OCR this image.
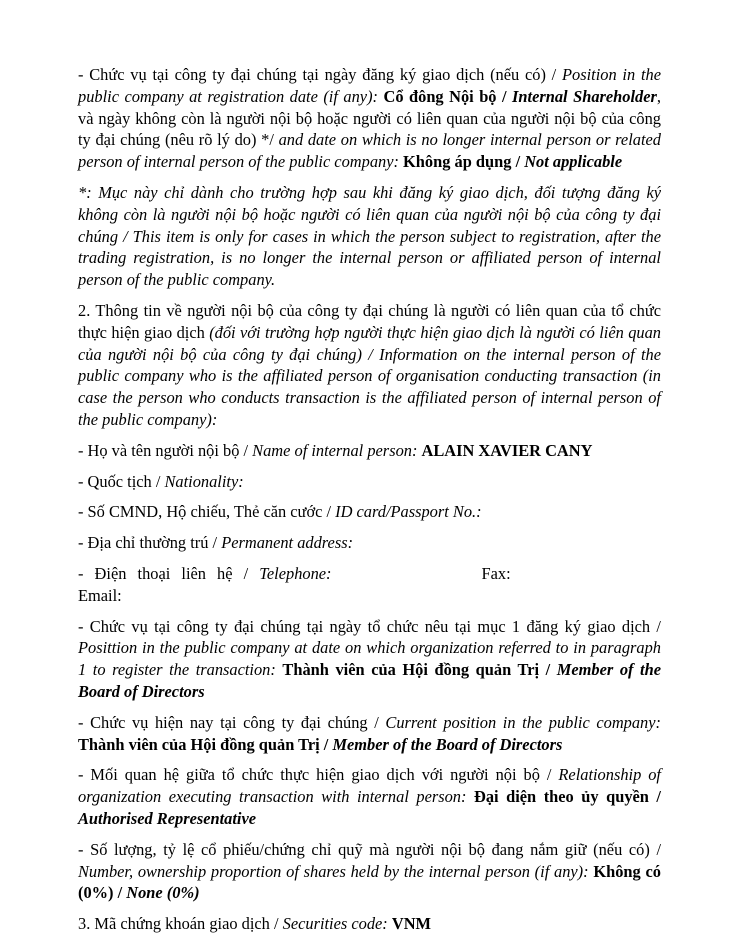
- Chức vụ tại công ty đại chúng tại ngày đăng ký giao dịch (nếu có) / Position in the public company at registration date (if any): Cổ đông Nội bộ / Internal Shareholder, và ngày không còn là người nội bộ hoặc người có liên quan của người nội bộ của công ty đại chúng (nêu rõ lý do) */ and date on which is no longer internal person or related person of internal person of the public company: Không áp dụng / Not applicable

*: Mục này chỉ dành cho trường hợp sau khi đăng ký giao dịch, đối tượng đăng ký không còn là người nội bộ hoặc người có liên quan của người nội bộ của công ty đại chúng / This item is only for cases in which the person subject to registration, after the trading registration, is no longer the internal person or affiliated person of internal person of the public company.

2. Thông tin về người nội bộ của công ty đại chúng là người có liên quan của tổ chức thực hiện giao dịch (đối với trường hợp người thực hiện giao dịch là người có liên quan của người nội bộ của công ty đại chúng) / Information on the internal person of the public company who is the affiliated person of organisation conducting transaction (in case the person who conducts transaction is the affiliated person of internal person of the public company):

- Họ và tên người nội bộ / Name of internal person: ALAIN XAVIER CANY

- Quốc tịch / Nationality:

- Số CMND, Hộ chiếu, Thẻ căn cước / ID card/Passport No.:

- Địa chỉ thường trú / Permanent address:

- Điện thoại liên hệ / Telephone:	Fax:
Email:

- Chức vụ tại công ty đại chúng tại ngày tổ chức nêu tại mục 1 đăng ký giao dịch / Posittion in the public company at date on which organization referred to in paragraph 1 to register the transaction: Thành viên của Hội đồng quản Trị / Member of the Board of Directors

- Chức vụ hiện nay tại công ty đại chúng / Current position in the public company: Thành viên của Hội đồng quản Trị / Member of the Board of Directors

- Mối quan hệ giữa tổ chức thực hiện giao dịch với người nội bộ / Relationship of organization executing transaction with internal person: Đại diện theo ủy quyền / Authorised Representative

- Số lượng, tỷ lệ cổ phiếu/chứng chỉ quỹ mà người nội bộ đang nắm giữ (nếu có) / Number, ownership proportion of shares held by the internal person (if any): Không có (0%) / None (0%)

3. Mã chứng khoán giao dịch / Securities code: VNM
